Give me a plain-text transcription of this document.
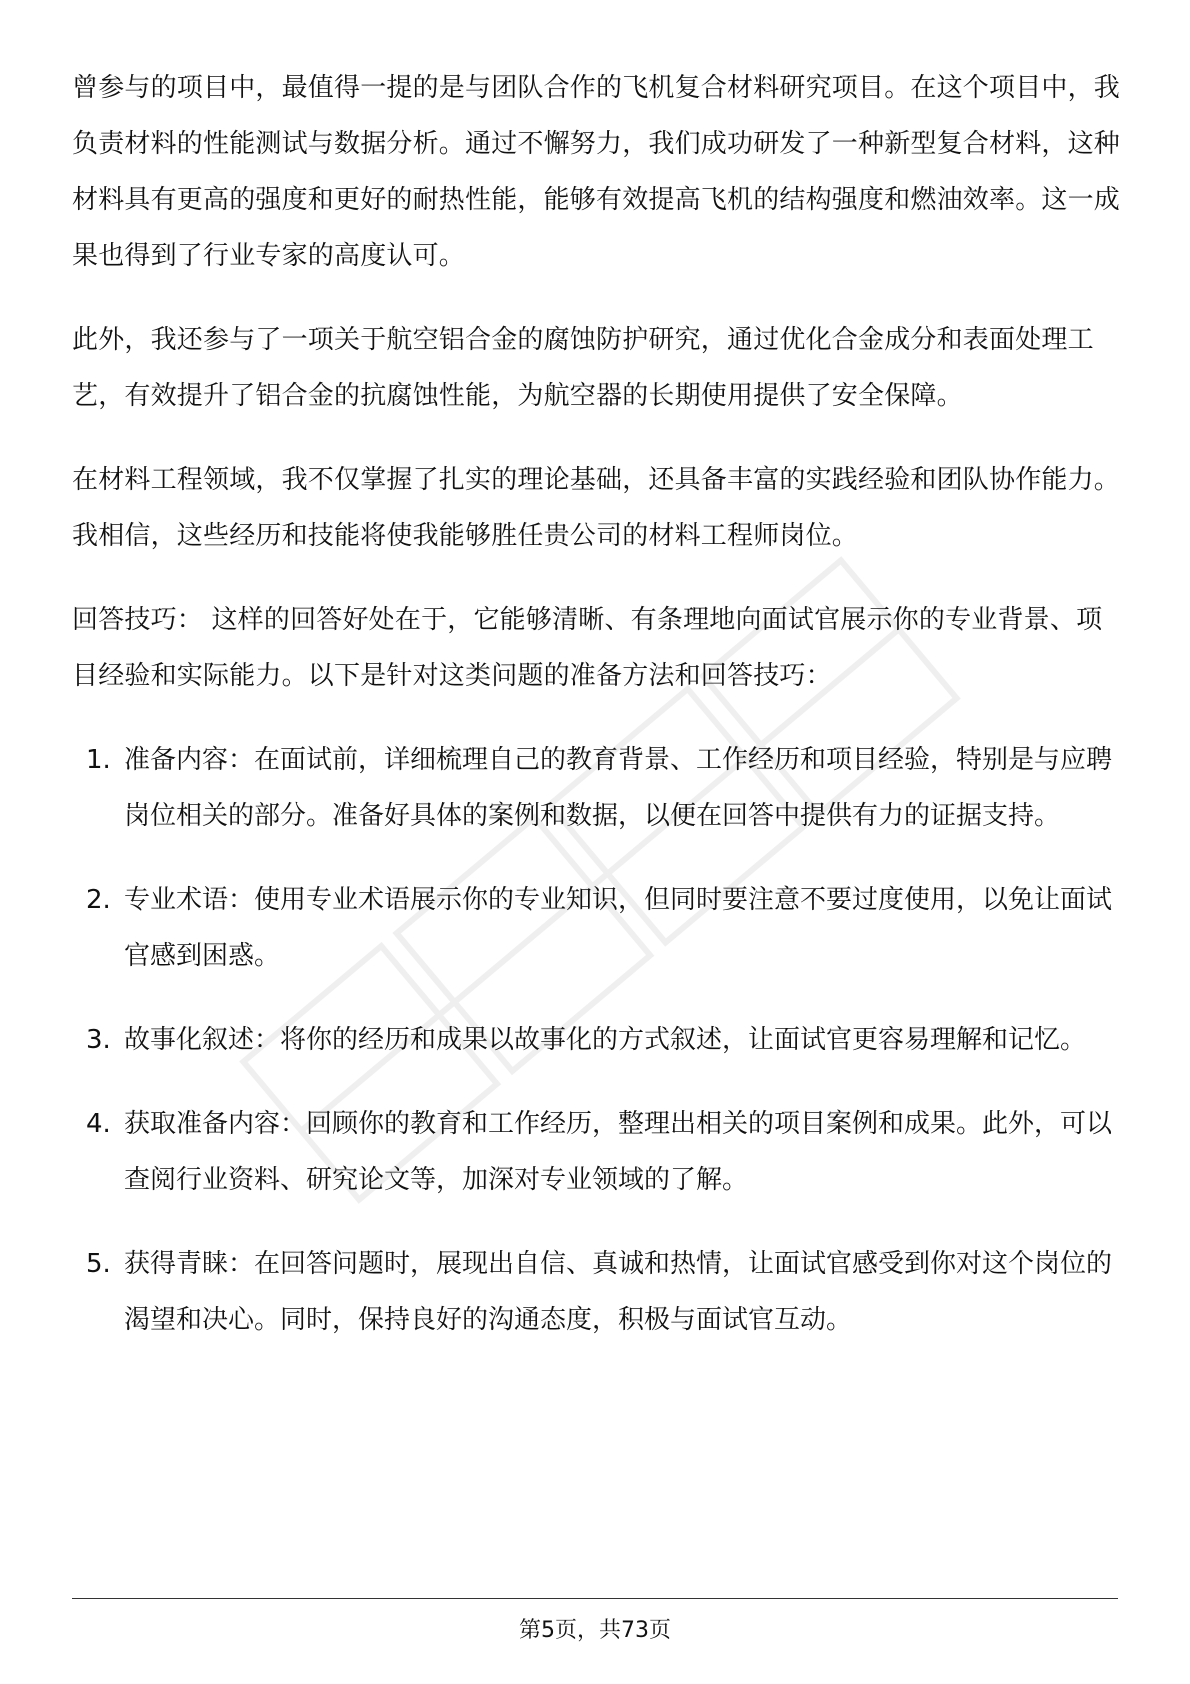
曾参与的项目中，最值得一提的是与团队合作的飞机复合材料研究项目。在这个项目中，我负责材料的性能测试与数据分析。通过不懈努力，我们成功研发了一种新型复合材料，这种材料具有更高的强度和更好的耐热性能，能够有效提高飞机的结构强度和燃油效率。这一成果也得到了行业专家的高度认可。

此外，我还参与了一项关于航空铝合金的腐蚀防护研究，通过优化合金成分和表面处理工艺，有效提升了铝合金的抗腐蚀性能，为航空器的长期使用提供了安全保障。

在材料工程领域，我不仅掌握了扎实的理论基础，还具备丰富的实践经验和团队协作能力。我相信，这些经历和技能将使我能够胜任贵公司的材料工程师岗位。

回答技巧： 这样的回答好处在于，它能够清晰、有条理地向面试官展示你的专业背景、项目经验和实际能力。以下是针对这类问题的准备方法和回答技巧：

1. 准备内容：在面试前，详细梳理自己的教育背景、工作经历和项目经验，特别是与应聘岗位相关的部分。准备好具体的案例和数据，以便在回答中提供有力的证据支持。
2. 专业术语：使用专业术语展示你的专业知识，但同时要注意不要过度使用，以免让面试官感到困惑。
3. 故事化叙述：将你的经历和成果以故事化的方式叙述，让面试官更容易理解和记忆。
4. 获取准备内容：回顾你的教育和工作经历，整理出相关的项目案例和成果。此外，可以查阅行业资料、研究论文等，加深对专业领域的了解。
5. 获得青睐：在回答问题时，展现出自信、真诚和热情，让面试官感受到你对这个岗位的渴望和决心。同时，保持良好的沟通态度，积极与面试官互动。
第5页，共73页
